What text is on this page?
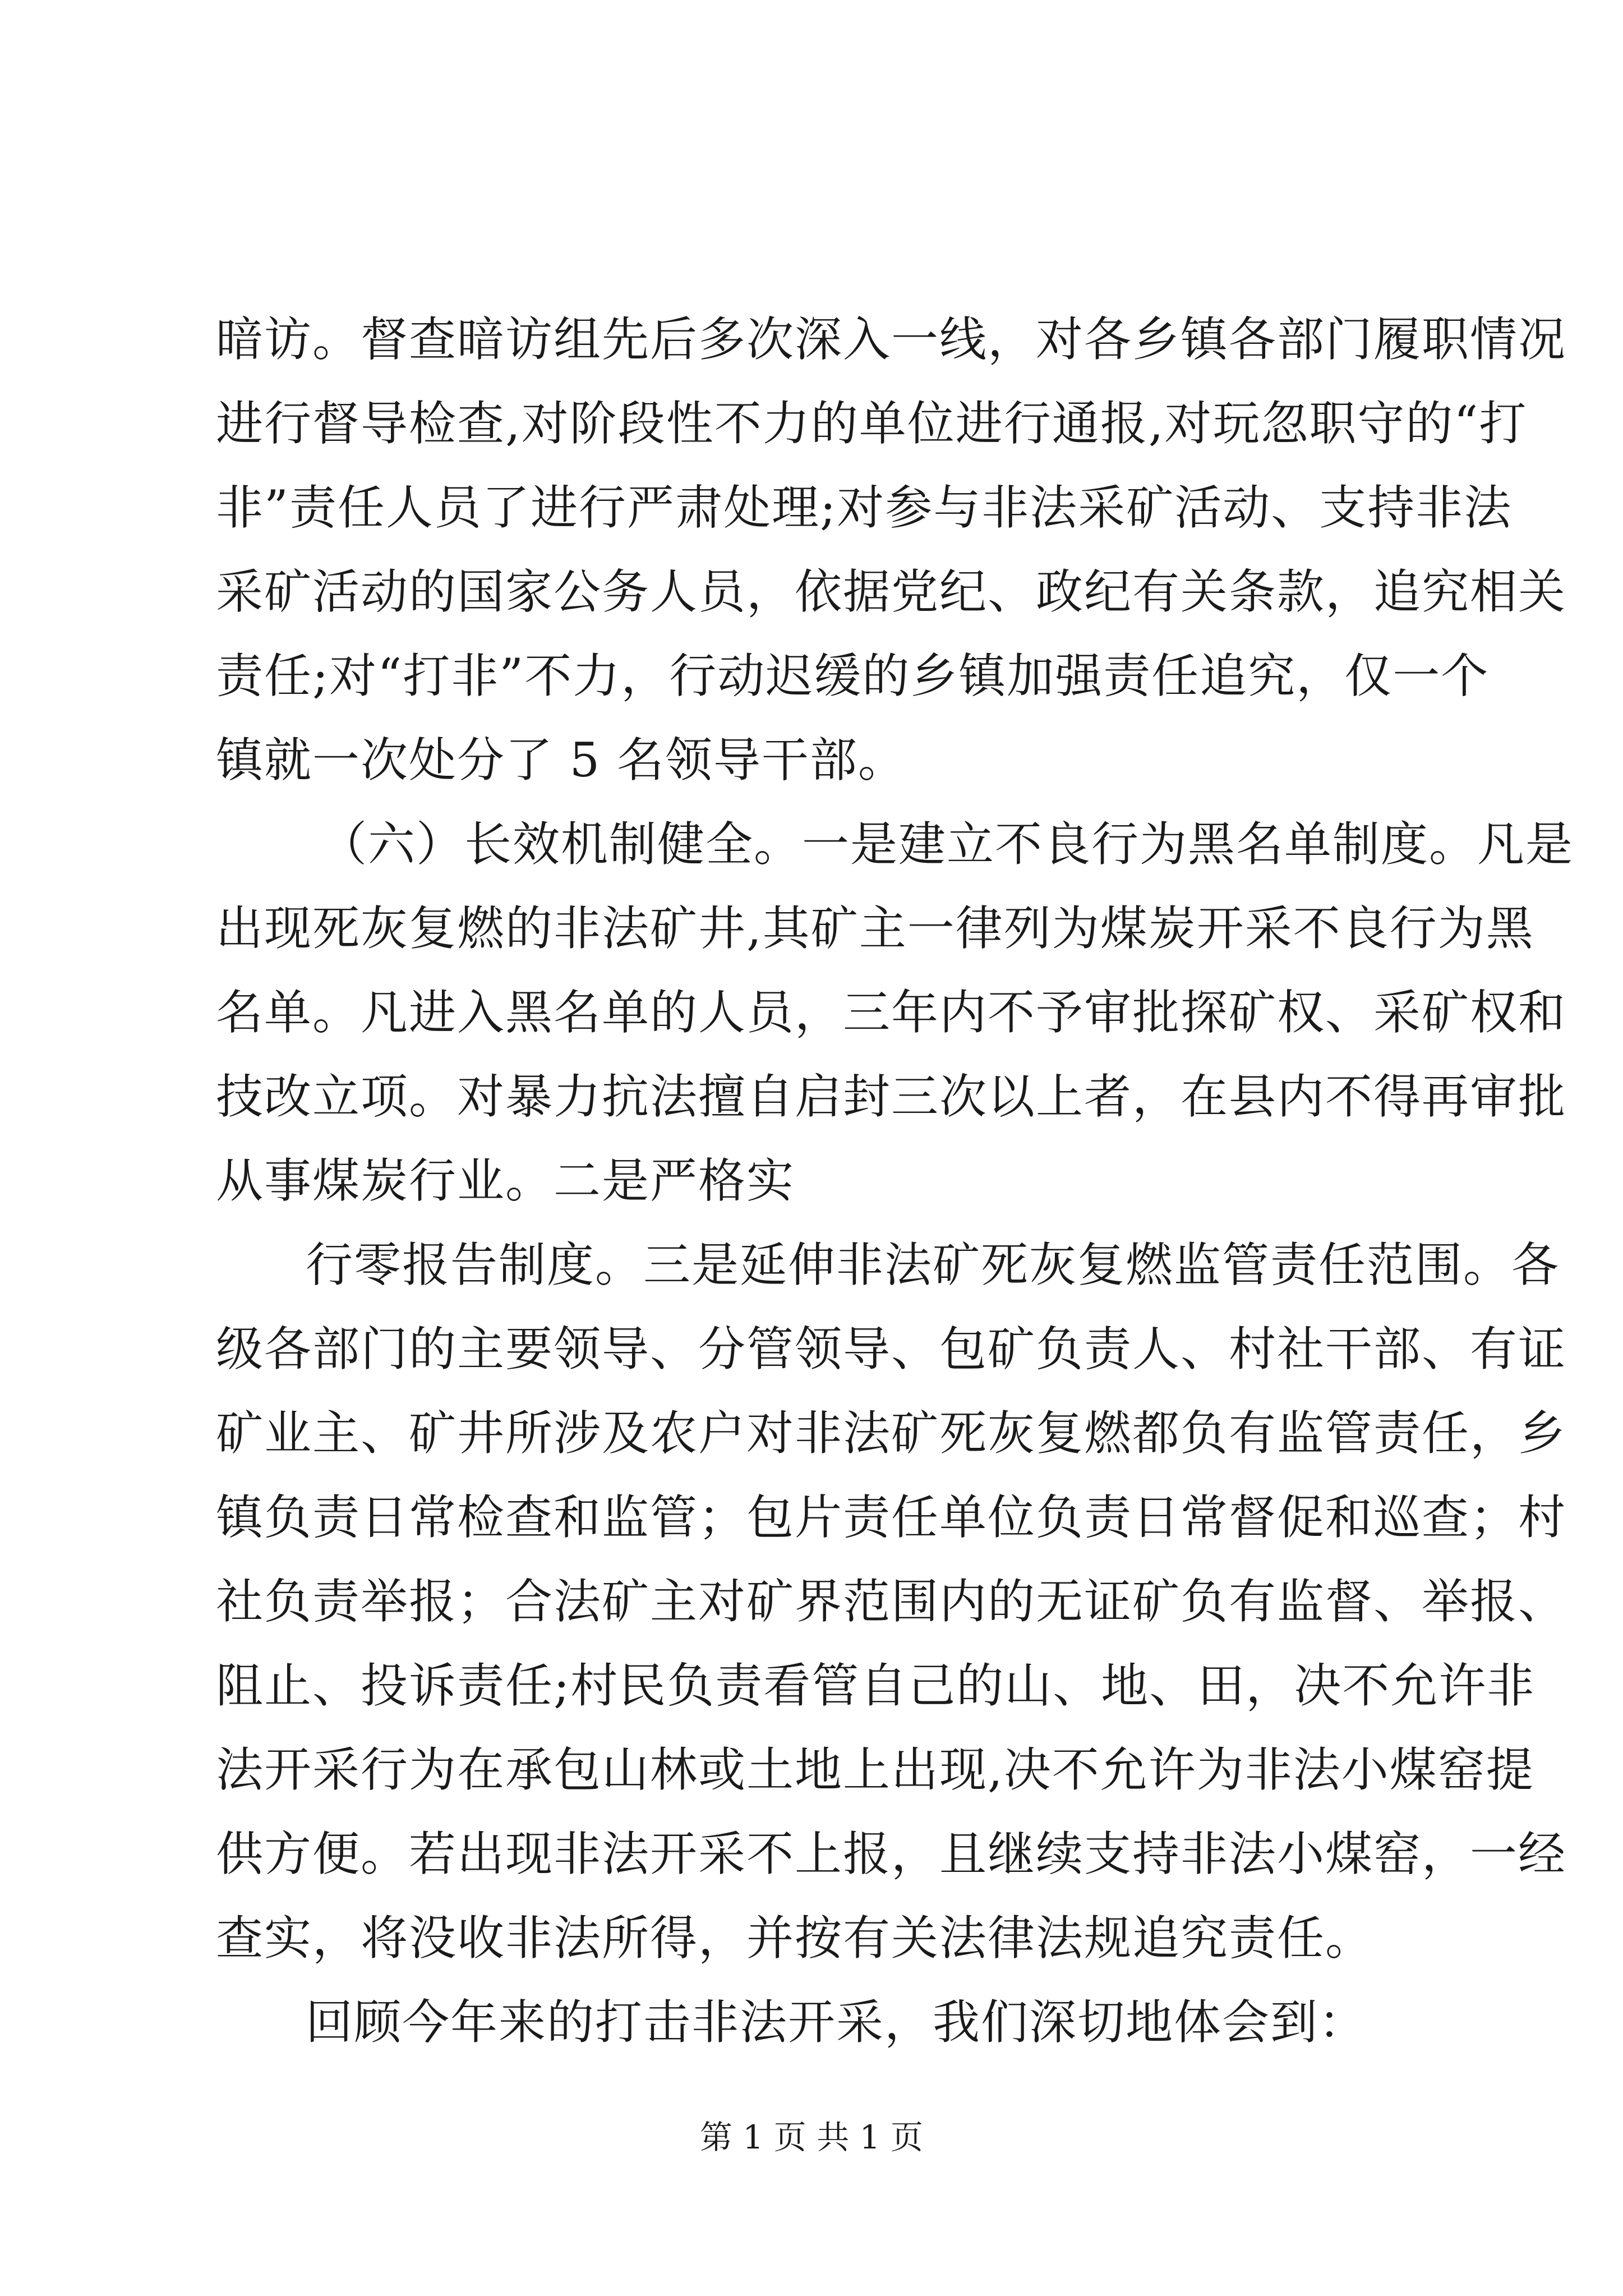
暗访。督查暗访组先后多次深入一线，对各乡镇各部门履职情况
进行督导检查,对阶段性不力的单位进行通报,对玩忽职守的“打
非”责任人员了进行严肃处理;对参与非法采矿活动、支持非法
采矿活动的国家公务人员，依据党纪、政纪有关条款，追究相关
责任;对“打非”不力，行动迟缓的乡镇加强责任追究，仅一个
镇就一次处分了 5 名领导干部。
（六）长效机制健全。一是建立不良行为黑名单制度。凡是
出现死灰复燃的非法矿井,其矿主一律列为煤炭开采不良行为黑
名单。凡进入黑名单的人员，三年内不予审批探矿权、采矿权和
技改立项。对暴力抗法擅自启封三次以上者，在县内不得再审批
从事煤炭行业。二是严格实
行零报告制度。三是延伸非法矿死灰复燃监管责任范围。各
级各部门的主要领导、分管领导、包矿负责人、村社干部、有证
矿业主、矿井所涉及农户对非法矿死灰复燃都负有监管责任，乡
镇负责日常检查和监管；包片责任单位负责日常督促和巡查；村
社负责举报；合法矿主对矿界范围内的无证矿负有监督、举报、
阻止、投诉责任;村民负责看管自己的山、地、田，决不允许非
法开采行为在承包山林或土地上出现,决不允许为非法小煤窑提
供方便。若出现非法开采不上报，且继续支持非法小煤窑，一经
查实，将没收非法所得，并按有关法律法规追究责任。
回顾今年来的打击非法开采，我们深切地体会到：
第 1 页 共 1 页
